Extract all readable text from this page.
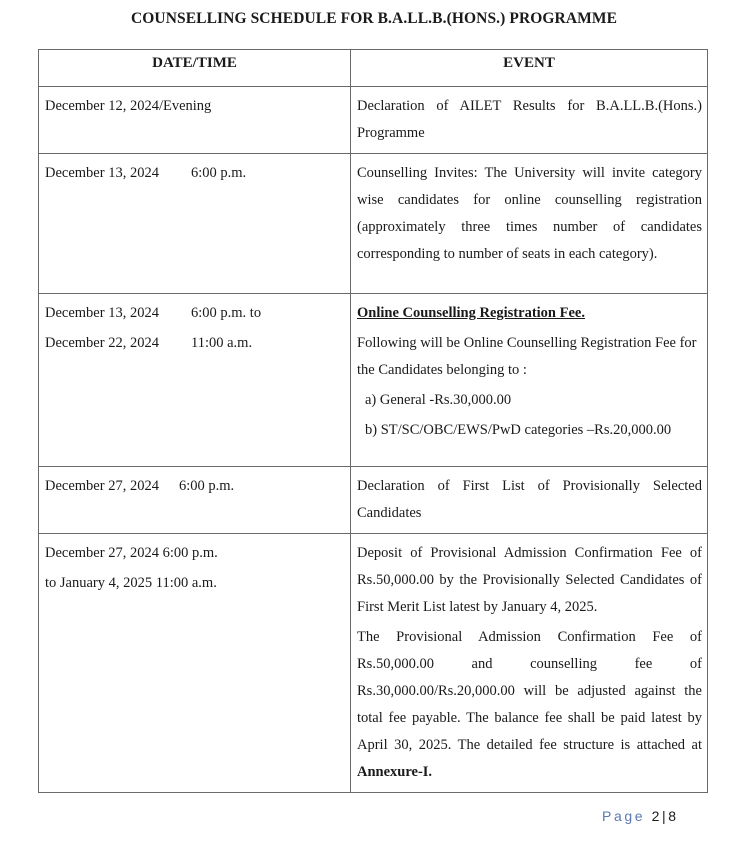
COUNSELLING SCHEDULE FOR B.A.LL.B.(HONS.) PROGRAMME
DATE/TIME	EVENT

December 12, 2024/Evening	Declaration of AILET Results for B.A.LL.B.(Hons.) Programme
December 13, 2024 6:00 p.m.	Counselling Invites: The University will invite category wise candidates for online counselling registration (approximately three times number of candidates corresponding to number of seats in each category).

December 13, 2024 6:00 p.m. to
December 22, 2024 11:00 a.m.	Online Counselling Registration Fee.
Following will be Online Counselling Registration Fee for the Candidates belonging to :
a) General -Rs.30,000.00
b) ST/SC/OBC/EWS/PwD categories –Rs.20,000.00

December 27, 2024 6:00 p.m.	Declaration of First List of Provisionally Selected Candidates

December 27, 2024 6:00 p.m.
to January 4, 2025 11:00 a.m.	Deposit of Provisional Admission Confirmation Fee of Rs.50,000.00 by the Provisionally Selected Candidates of First Merit List latest by January 4, 2025.
The Provisional Admission Confirmation Fee of Rs.50,000.00 and counselling fee of Rs.30,000.00/Rs.20,000.00 will be adjusted against the total fee payable. The balance fee shall be paid latest by April 30, 2025. The detailed fee structure is attached at Annexure-I.
Page 2|8
